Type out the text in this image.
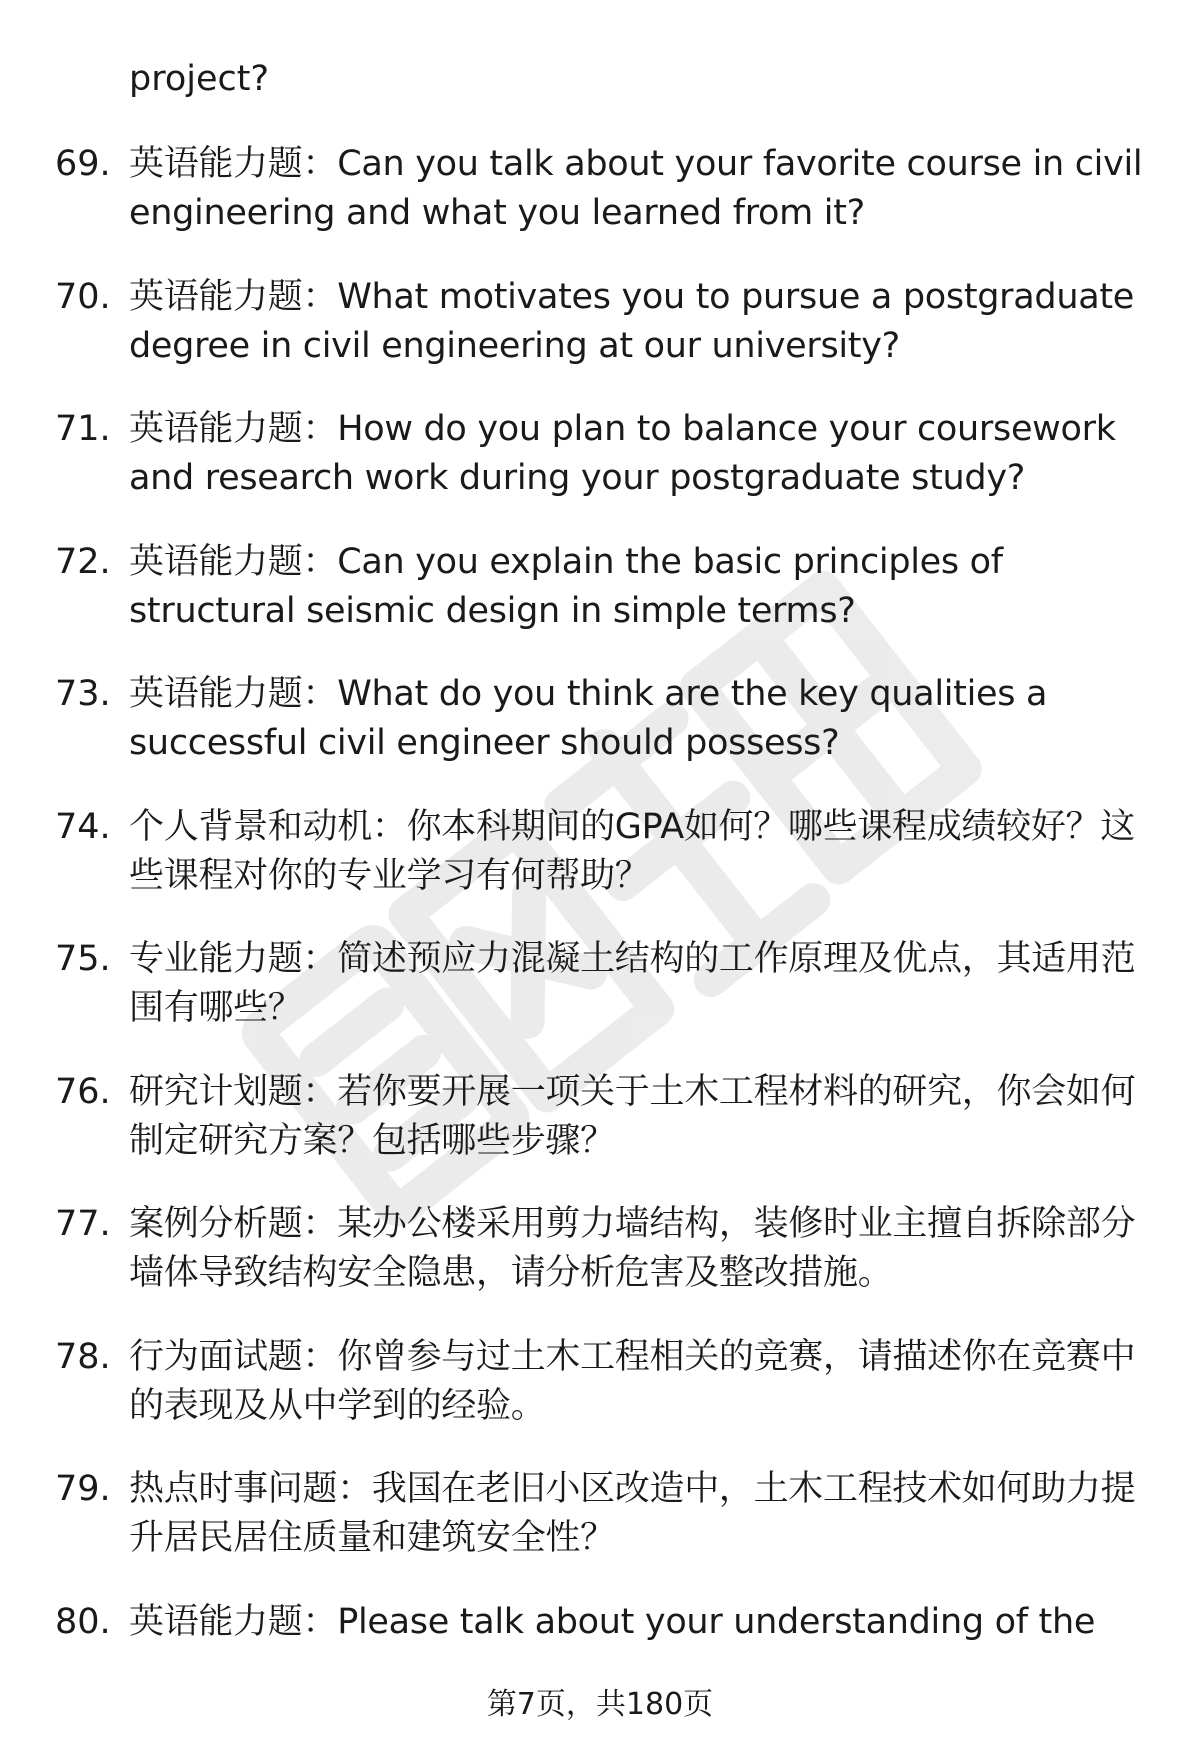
project?
69. 英语能力题：Can you talk about your favorite course in civil engineering and what you learned from it?
70. 英语能力题：What motivates you to pursue a postgraduate degree in civil engineering at our university?
71. 英语能力题：How do you plan to balance your coursework and research work during your postgraduate study?
72. 英语能力题：Can you explain the basic principles of structural seismic design in simple terms?
73. 英语能力题：What do you think are the key qualities a successful civil engineer should possess?
74. 个人背景和动机：你本科期间的GPA如何？哪些课程成绩较好？这些课程对你的专业学习有何帮助？
75. 专业能力题：简述预应力混凝土结构的工作原理及优点，其适用范围有哪些？
76. 研究计划题：若你要开展一项关于土木工程材料的研究，你会如何制定研究方案？包括哪些步骤？
77. 案例分析题：某办公楼采用剪力墙结构，装修时业主擅自拆除部分墙体导致结构安全隐患，请分析危害及整改措施。
78. 行为面试题：你曾参与过土木工程相关的竞赛，请描述你在竞赛中的表现及从中学到的经验。
79. 热点时事问题：我国在老旧小区改造中，土木工程技术如何助力提升居民居住质量和建筑安全性？
80. 英语能力题：Please talk about your understanding of the
第7页，共180页
